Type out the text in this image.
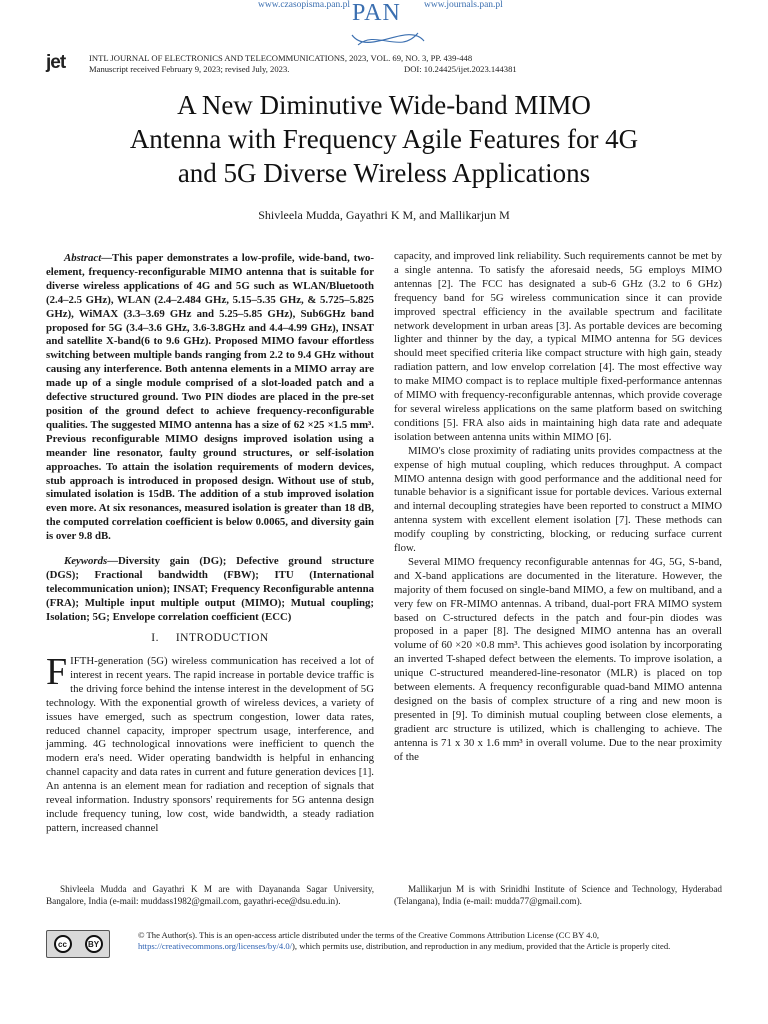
www.czasopisma.pan.pl PAN www.journals.pan.pl
jet	INTL JOURNAL OF ELECTRONICS AND TELECOMMUNICATIONS, 2023, VOL. 69, NO. 3, PP. 439-448
Manuscript received February 9, 2023; revised July, 2023.	DOI: 10.24425/ijet.2023.144381
A New Diminutive Wide-band MIMO
Antenna with Frequency Agile Features for 4G
and 5G Diverse Wireless Applications
Shivleela Mudda, Gayathri K M, and Mallikarjun M
Abstract—This paper demonstrates a low-profile, wide-band, two-element, frequency-reconfigurable MIMO antenna that is suitable for diverse wireless applications of 4G and 5G such as WLAN/Bluetooth (2.4–2.5 GHz), WLAN (2.4–2.484 GHz, 5.15–5.35 GHz, & 5.725–5.825 GHz), WiMAX (3.3–3.69 GHz and 5.25–5.85 GHz), Sub6GHz band proposed for 5G (3.4–3.6 GHz, 3.6-3.8GHz and 4.4–4.99 GHz), INSAT and satellite X-band(6 to 9.6 GHz). Proposed MIMO favour effortless switching between multiple bands ranging from 2.2 to 9.4 GHz without causing any interference. Both antenna elements in a MIMO array are made up of a single module comprised of a slot-loaded patch and a defective structured ground. Two PIN diodes are placed in the pre-set position of the ground defect to achieve frequency-reconfigurable qualities. The suggested MIMO antenna has a size of 62 ×25 ×1.5 mm³. Previous reconfigurable MIMO designs improved isolation using a meander line resonator, faulty ground structures, or self-isolation approaches. To attain the isolation requirements of modern devices, stub approach is introduced in proposed design. Without use of stub, simulated isolation is 15dB. The addition of a stub improved isolation even more. At six resonances, measured isolation is greater than 18 dB, the computed correlation coefficient is below 0.0065, and diversity gain is over 9.8 dB.
Keywords—Diversity gain (DG); Defective ground structure (DGS); Fractional bandwidth (FBW); ITU (International telecommunication union); INSAT; Frequency Reconfigurable antenna (FRA); Multiple input multiple output (MIMO); Mutual coupling; Isolation; 5G; Envelope correlation coefficient (ECC)
I. INTRODUCTION
FIFTH-generation (5G) wireless communication has received a lot of interest in recent years. The rapid increase in portable device traffic is the driving force behind the intense interest in the development of 5G technology. With the exponential growth of wireless devices, a variety of issues have emerged, such as spectrum congestion, lower data rates, reduced channel capacity, improper spectrum usage, interference, and jamming. 4G technological innovations were inefficient to quench the modern era's need. Wider operating bandwidth is helpful in enhancing channel capacity and data rates in current and future generation devices [1]. An antenna is an element mean for radiation and reception of signals that reveal information. Industry sponsors' requirements for 5G antenna design include frequency tuning, low cost, wide bandwidth, a steady radiation pattern, increased channel

capacity, and improved link reliability. Such requirements cannot be met by a single antenna. To satisfy the aforesaid needs, 5G employs MIMO antennas [2]. The FCC has designated a sub-6 GHz (3.2 to 6 GHz) frequency band for 5G wireless communication since it can provide improved spectral efficiency in the available spectrum and facilitate network development in urban areas [3]. As portable devices are becoming lighter and thinner by the day, a typical MIMO antenna for 5G devices should meet specified criteria like compact structure with high gain, steady radiation pattern, and low envelop correlation [4]. The most effective way to make MIMO compact is to replace multiple fixed-performance antennas of MIMO with frequency-reconfigurable antennas, which provide coverage for several wireless applications on the same platform based on switching conditions [5]. FRA also aids in maintaining high data rate and adequate isolation between antenna units within MIMO [6].

MIMO's close proximity of radiating units provides compactness at the expense of high mutual coupling, which reduces throughput. A compact MIMO antenna design with good performance and the additional need for tunable behavior is a significant issue for portable devices. Various external and internal decoupling strategies have been reported to construct a MIMO antenna system with excellent element isolation [7]. These methods can modify coupling by constricting, blocking, or reducing surface current flow.

Several MIMO frequency reconfigurable antennas for 4G, 5G, S-band, and X-band applications are documented in the literature. However, the majority of them focused on single-band MIMO, a few on multiband, and a very few on FR-MIMO antennas. A triband, dual-port FRA MIMO system based on C-structured defects in the patch and four-pin diodes was proposed in a paper [8]. The designed MIMO antenna has an overall volume of 60 ×20 ×0.8 mm³. This achieves good isolation by incorporating an inverted T-shaped defect between the elements. To improve isolation, a unique C-structured meandered-line-resonator (MLR) is placed on top between elements. A frequency reconfigurable quad-band MIMO antenna designed on the basis of complex structure of a ring and new moon is presented in [9]. To diminish mutual coupling between close elements, a gradient arc structure is utilized, which is challenging to achieve. The antenna is 71 x 30 x 1.6 mm³ in overall volume. Due to the near proximity of the

Shivleela Mudda and Gayathri K M are with Dayananda Sagar University, Bangalore, India (e-mail: muddass1982@gmail.com, gayathri-ece@dsu.edu.in).
Mallikarjun M is with Srinidhi Institute of Science and Technology, Hyderabad (Telangana), India (e-mail: mudda77@gmail.com).
cc	BY
© The Author(s). This is an open-access article distributed under the terms of the Creative Commons Attribution License (CC BY 4.0, https://creativecommons.org/licenses/by/4.0/), which permits use, distribution, and reproduction in any medium, provided that the Article is properly cited.
